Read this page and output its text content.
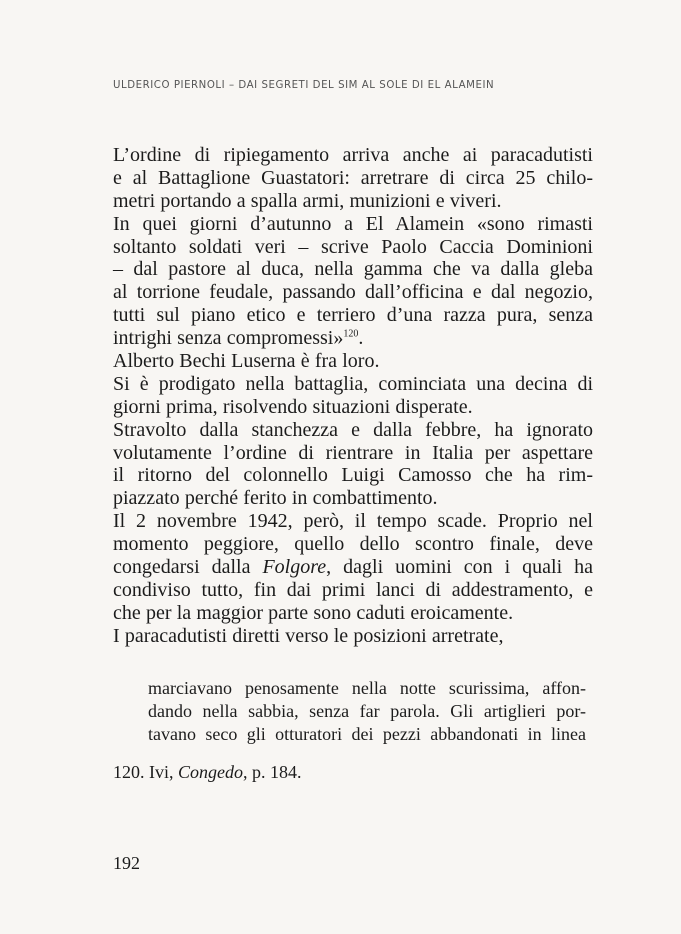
ULDERICO PIERNOLI – DAI SEGRETI DEL SIM AL SOLE DI EL ALAMEIN
L’ordine di ripiegamento arriva anche ai paracadutisti
e al Battaglione Guastatori: arretrare di circa 25 chilo-
metri portando a spalla armi, munizioni e viveri.
In quei giorni d’autunno a El Alamein «sono rimasti
soltanto soldati veri – scrive Paolo Caccia Dominioni
– dal pastore al duca, nella gamma che va dalla gleba
al torrione feudale, passando dall’officina e dal negozio,
tutti sul piano etico e terriero d’una razza pura, senza
intrighi senza compromessi»$^{120}$.
Alberto Bechi Luserna è fra loro.
Si è prodigato nella battaglia, cominciata una decina di
giorni prima, risolvendo situazioni disperate.
Stravolto dalla stanchezza e dalla febbre, ha ignorato
volutamente l’ordine di rientrare in Italia per aspettare
il ritorno del colonnello Luigi Camosso che ha rim-
piazzato perché ferito in combattimento.
Il 2 novembre 1942, però, il tempo scade. Proprio nel
momento peggiore, quello dello scontro finale, deve
congedarsi dalla Folgore, dagli uomini con i quali ha
condiviso tutto, fin dai primi lanci di addestramento, e
che per la maggior parte sono caduti eroicamente.
I paracadutisti diretti verso le posizioni arretrate,
marciavano penosamente nella notte scurissima, affon-
dando nella sabbia, senza far parola. Gli artiglieri por-
tavano seco gli otturatori dei pezzi abbandonati in linea
120. Ivi, Congedo, p. 184.
192
